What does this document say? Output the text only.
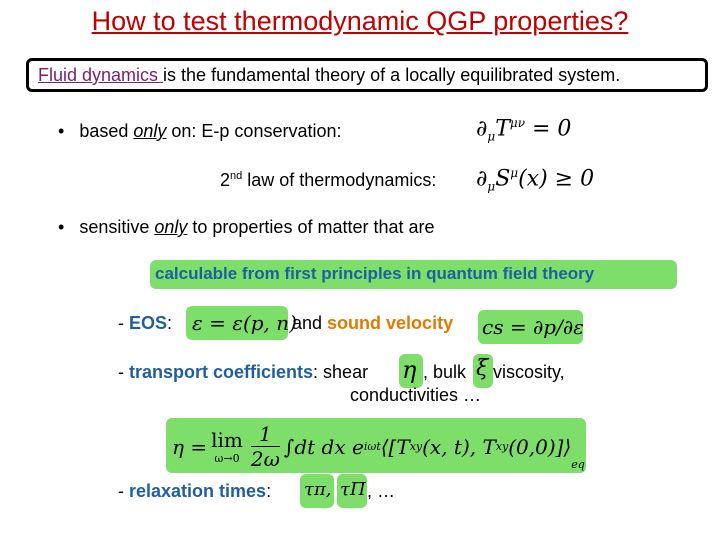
How to test thermodynamic QGP properties?
Fluid dynamics is the fundamental theory of a locally equilibrated system.
•   based only on: E-p conservation:	$\partial_\mu T^{\mu\nu} = 0$
2nd law of thermodynamics: $\partial_\mu S^\mu(x) \ge 0$
•   sensitive only to properties of matter that are
calculable from first principles in quantum field theory
- EOS: ε = ε(p, n)
and sound velocity cs = ∂p/∂ε
- transport coefficients: shear η , bulk ξ viscosity,
conductivities …
η = lim
$\omega\to 0 \frac{1}{2\omega} \int dt$ dx e iωt ⟨[T xy (x, t), T xy (0,0)]⟩
$_{eq}$
- relaxation times: τπ, τΠ , …
